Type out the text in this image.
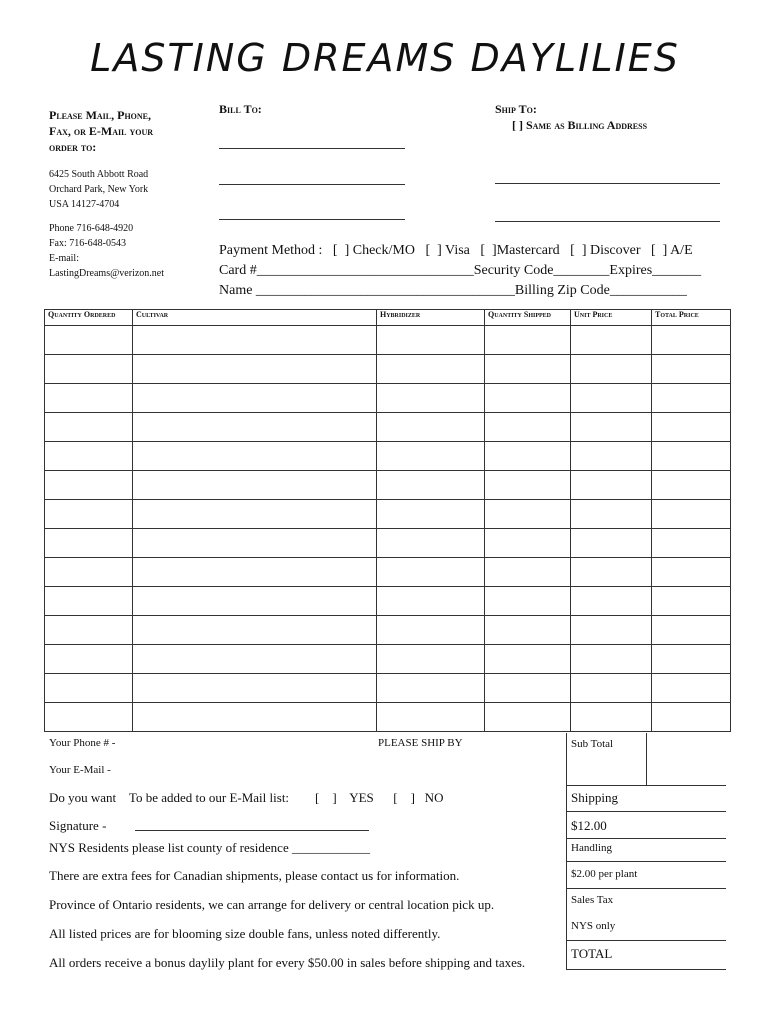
LASTING DREAMS DAYLILIES
Please Mail, Phone,
Fax, or E-Mail your
order to:
6425 South Abbott Road
Orchard Park, New York
USA 14127-4704
Phone 716-648-4920
Fax: 716-648-0543
E-mail:
LastingDreams@verizon.net
Bill To:	Ship To:
[ ] Same as Billing Address
Payment Method :   [  ] Check/MO   [  ] Visa   [  ]Mastercard   [  ] Discover   [  ] A/E
Card #_______________________________Security Code________Expires_______
Name _____________________________________Billing Zip Code___________
Quantity Ordered	Cultivar	Hybridizer	Quantity Shipped	Unit Price	Total Price

Your Phone # -	PLEASE SHIP BY
Your E-Mail -
Do you want    To be added to our E-Mail list:        [    ]    YES      [    ]   NO
Signature -
NYS Residents please list county of residence ____________
There are extra fees for Canadian shipments, please contact us for information.
Province of Ontario residents, we can arrange for delivery or central location pick up.
All listed prices are for blooming size double fans, unless noted differently.
All orders receive a bonus daylily plant for every $50.00 in sales before shipping and taxes.
Sub Total
Shipping
$12.00
Handling
$2.00 per plant
Sales Tax
NYS only
TOTAL
